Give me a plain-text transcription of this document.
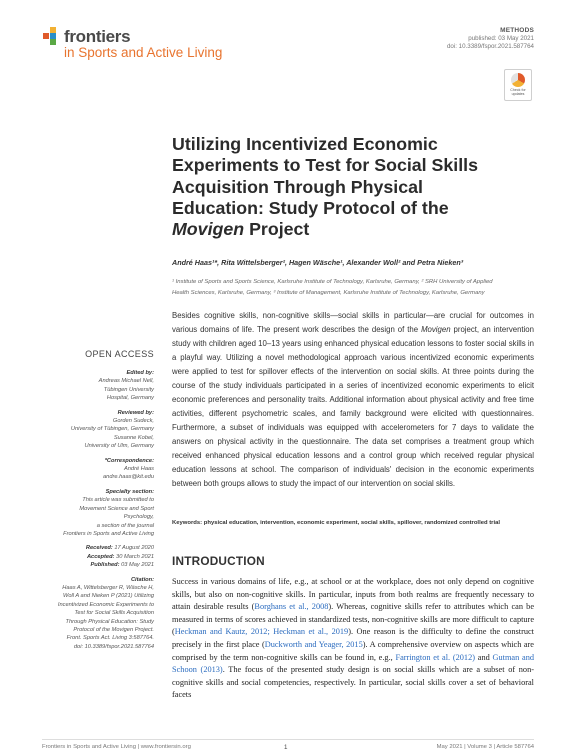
frontiers
in Sports and Active Living
METHODS
published: 03 May 2021
doi: 10.3389/fspor.2021.587764
Check for
updates
Utilizing Incentivized Economic
Experiments to Test for Social Skills
Acquisition Through Physical
Education: Study Protocol of the
Movigen Project
André Haas¹*, Rita Wittelsberger², Hagen Wäsche¹, Alexander Woll² and Petra Nieken³
¹ Institute of Sports and Sports Science, Karlsruhe Institute of Technology, Karlsruhe, Germany, ² SRH University of Applied
Health Sciences, Karlsruhe, Germany, ³ Institute of Management, Karlsruhe Institute of Technology, Karlsruhe, Germany
Besides cognitive skills, non-cognitive skills—social skills in particular—are crucial for outcomes in various domains of life. The present work describes the design of the Movigen project, an intervention study with children aged 10–13 years using enhanced physical education lessons to foster social skills in a playful way. Utilizing a novel methodological approach various incentivized economic experiments were applied to test for spillover effects of the intervention on social skills. At three points during the course of the study individuals participated in a series of incentivized economic experiments to elicit economic preferences and personality traits. Additional information about physical activity and free time activities, different psychometric scales, and family background were elicited with questionnaires. Furthermore, a subset of individuals was equipped with accelerometers for 7 days to validate the answers on physical activity in the questionnaire. The data set comprises a treatment group which received enhanced physical education lessons and a control group which received regular physical education lessons at school. The comparison of individuals' decision in the economic experiments between both groups allows to study the impact of our intervention on social skills.
Keywords: physical education, intervention, economic experiment, social skills, spillover, randomized controlled trial
INTRODUCTION
Success in various domains of life, e.g., at school or at the workplace, does not only depend on cognitive skills, but also on non-cognitive skills. In particular, inputs from both realms are frequently necessary to attain desirable results (Borghans et al., 2008). Whereas, cognitive skills refer to attributes which can be measured in terms of scores achieved in standardized tests, non-cognitive skills are more difficult to capture (Heckman and Kautz, 2012; Heckman et al., 2019). One reason is the difficulty to define the construct precisely in the first place (Duckworth and Yeager, 2015). A comprehensive overview on aspects which are comprised by the term non-cognitive skills can be found in, e.g., Farrington et al. (2012) and Gutman and Schoon (2013). The focus of the presented study design is on social skills which are a subset of non-cognitive skills and social competencies, respectively. In particular, social skills cover a set of behavioral facets
OPEN ACCESS
Edited by:
Andreas Michael Nell,
Tübingen University
Hospital, Germany
Reviewed by:
Gorden Sudeck,
University of Tübingen, Germany
Susanne Kobel,
University of Ulm, Germany
*Correspondence:
André Haas
andre.haas@kit.edu
Specialty section:
This article was submitted to
Movement Science and Sport
Psychology,
a section of the journal
Frontiers in Sports and Active Living
Received: 17 August 2020
Accepted: 30 March 2021
Published: 03 May 2021
Citation:
Haas A, Wittelsberger R, Wäsche H,
Woll A and Nieken P (2021) Utilizing
Incentivized Economic Experiments to
Test for Social Skills Acquisition
Through Physical Education: Study
Protocol of the Movigen Project.
Front. Sports Act. Living 3:587764.
doi: 10.3389/fspor.2021.587764
Frontiers in Sports and Active Living | www.frontiersin.org	1	May 2021 | Volume 3 | Article 587764
